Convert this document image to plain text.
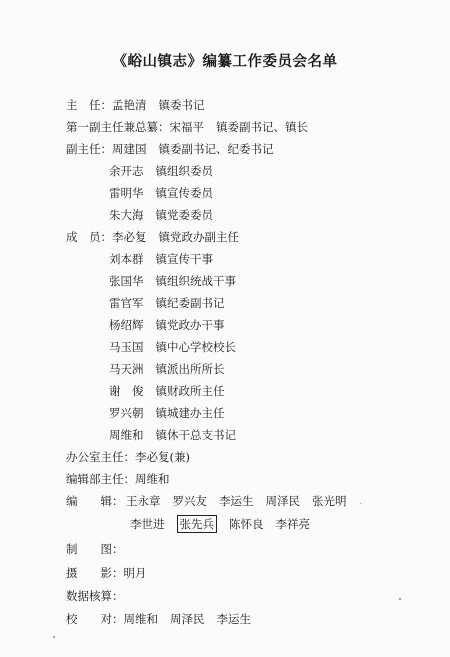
《峪山镇志》编纂工作委员会名单
主　任：孟艳清 镇委书记
第一副主任兼总纂：宋福平 镇委副书记、镇长
副主任：周建国 镇委副书记、纪委书记
余开志 镇组织委员
雷明华 镇宣传委员
朱大海 镇党委委员
成　员：李必复 镇党政办副主任
刘本群 镇宣传干事
张国华 镇组织统战干事
雷官军 镇纪委副书记
杨绍辉 镇党政办干事
马玉国 镇中心学校校长
马天洲 镇派出所所长
谢　俊 镇财政所主任
罗兴朝 镇城建办主任
周维和 镇休干总支书记
办公室主任：李必复(兼)
编辑部主任：周维和
编　　辑： 王永章 罗兴友 李运生 周泽民 张光明
李世进 张先兵 陈怀良 李祥亮
制　　图：
摄　　影：明月
数据核算：
校　　对：周维和 周泽民 李运生
